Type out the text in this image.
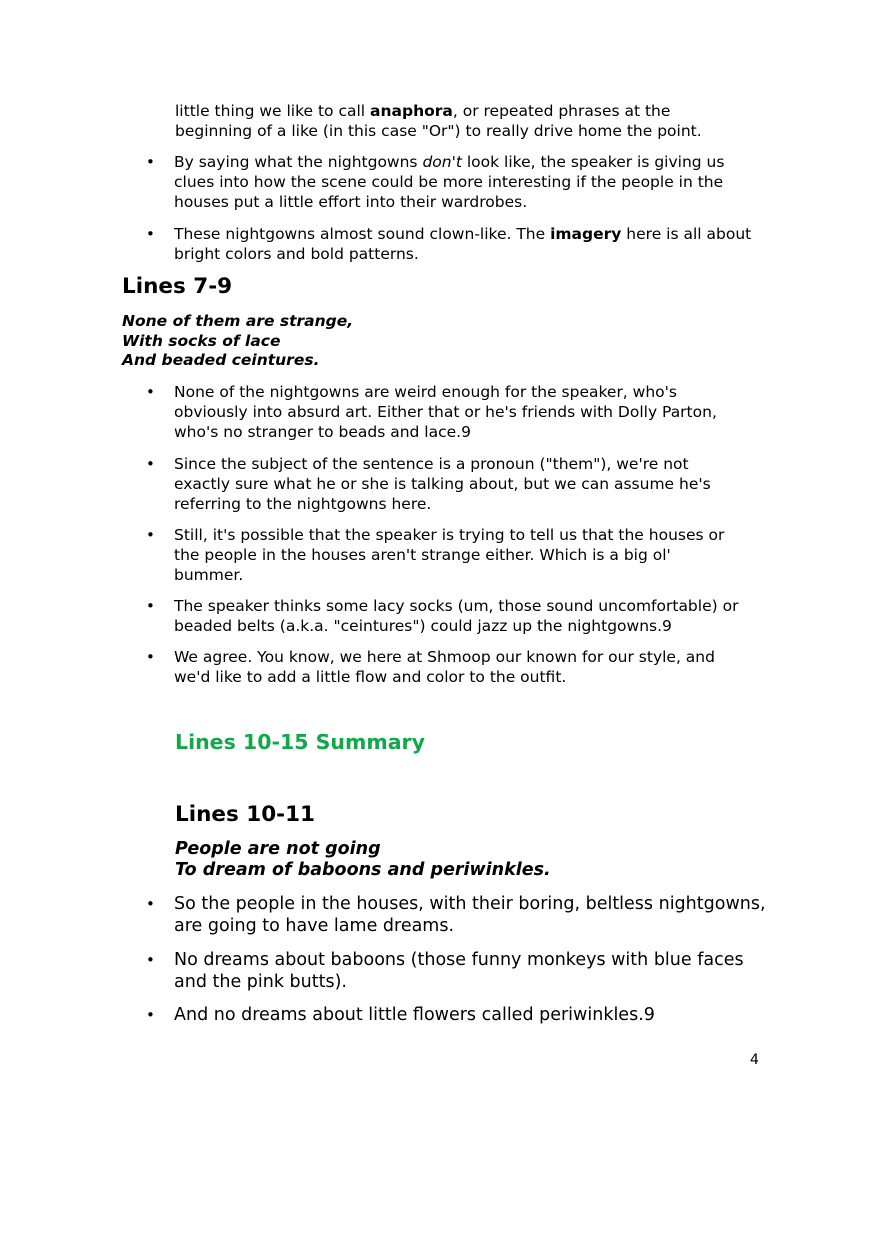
little thing we like to call anaphora, or repeated phrases at the
beginning of a like (in this case "Or") to really drive home the point.
• By saying what the nightgowns don't look like, the speaker is giving us clues into how the scene could be more interesting if the people in the houses put a little effort into their wardrobes.

• These nightgowns almost sound clown-like. The imagery here is all about bright colors and bold patterns.

Lines 7-9

None of them are strange,

With socks of lace

And beaded ceintures.

• None of the nightgowns are weird enough for the speaker, who's obviously into absurd art. Either that or he's friends with Dolly Parton, who's no stranger to beads and lace.9

• Since the subject of the sentence is a pronoun ("them"), we're not exactly sure what he or she is talking about, but we can assume he's referring to the nightgowns here.

• Still, it's possible that the speaker is trying to tell us that the houses or the people in the houses aren't strange either. Which is a big ol' bummer.

• The speaker thinks some lacy socks (um, those sound uncomfortable) or beaded belts (a.k.a. "ceintures") could jazz up the nightgowns.9

• We agree. You know, we here at Shmoop our known for our style, and we'd like to add a little flow and color to the outfit.

Lines 10-15 Summary
Lines 10-11

People are not going

To dream of baboons and periwinkles.

• So the people in the houses, with their boring, beltless nightgowns, are going to have lame dreams.

• No dreams about baboons (those funny monkeys with blue faces and the pink butts).

• And no dreams about little flowers called periwinkles.9

4
